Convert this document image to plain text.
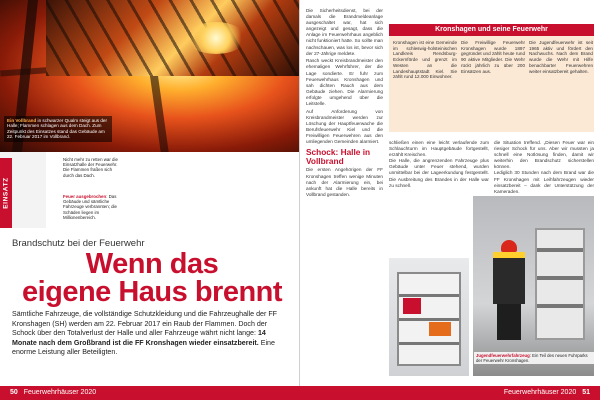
Ein Vollbrand in schwarzer Qualm steigt aus der Halle; Flammen schlagen aus dem Dach. Zum Zeitpunkt des Einsatzes stand das Gebäude am 22. Februar 2017 im Vollbrand.
EINSATZ
Nicht mehr zu retten war die Einsatzhalle der Feuerwehr. Die Flammen fraßen sich durch das Dach.
Feuer ausgebrochen: Das Gebäude und sämtliche Fahrzeuge verbrannten; die Schäden liegen im Millionenbereich.
Brandschutz bei der Feuerwehr
Wenn das
eigene Haus brennt
Sämtliche Fahrzeuge, die vollständige Schutzkleidung und die Fahrzeughalle der FF Kronshagen (SH) werden am 22. Februar 2017 ein Raub der Flammen. Doch der Schock über den Totalverlust der Halle und aller Fahrzeuge währt nicht lange: 14 Monate nach dem Großbrand ist die FF Kronshagen wieder einsatzbereit. Eine enorme Leistung aller Beteiligten.
50 Feuerwehrhäuser 2020

Die Sicherheitsdienst, bei der damals die Brandmeldeanlage ausgeschaltet war, hat sich angezeigt und gesagt, dass die Anlage im Feuerwehrhaus angeblich nicht funktioniert hatte. So sollte man nachschauen, was los ist, bevor sich der 27-Jährige meldete.

Rasch weckt Kreisbrandmeister den ehemaligen Wehrführer, der die Lage sondierte. Er fuhr zum Feuerwehrhaus Kronshagen und sah dichten Rauch aus dem Gebäude ziehen. Die Alarmierung erfolgte umgehend über die Leitstelle.

Auf Anforderung von Kreisbrandmeister werden zur Löschung der Hauptfeuerwache die Berufsfeuerwehr Kiel und die Freiwilligen Feuerwehren aus den umliegenden Gemeinden alarmiert.

Schock: Halle in Vollbrand

Die ersten Angehörigen der FF Kronshagen treffen wenige Minuten nach der Alarmierung ein, bei ankunft hat die Halle bereits in Vollbrand gestanden.

Kronshagen und seine Feuerwehr
Kronshagen ist eine Gemeinde im schleswig-holsteinischen Landkreis Rendsburg-Eckernförde und grenzt im Westen an die Landeshauptstadt Kiel. Sie zählt rund 12.000 Einwohner.
Die Freiwillige Feuerwehr Kronshagen wurde 1897 gegründet und zählt heute rund 90 aktive Mitglieder. Die Wehr rückt jährlich zu über 200 Einsätzen aus.
Die Jugendfeuerwehr ist seit 1965 aktiv und fördert den Nachwuchs. Nach dem Brand wurde die Wehr mit Hilfe benachbarter Feuerwehren weiter einsatzbereit gehalten.

schließen einen eine leicht verlaufende zum Schlauchturm im Hauptgebäude fortgestellt, erzählt Kreischen.

Die Halle, die angrenzenden Fahrzeuge plus Gebäude unter Feuer stehend, wurden unmittelbar bei der Lageerkundung festgestellt. Die Ausbreitung des Brandes in der Halle war zu schnell.

die Situation treffend. „Diesen Feuer war ein riesiger Schock für uns. Aber wir mussten ja schnell eine Notlösung finden, damit wir weiterhin den Brandschutz sicherstellen können.

Lediglich 30 Stunden nach dem Brand war die FF Kronshagen mit Leihfahrzeugen wieder einsatzbereit – dank der Unterstützung der Kameraden.

Jugendfeuerwehrfahrzeug: Ein Teil des neuen Fuhrparks der Feuerwehr Kronshagen.
Feuerwehrhäuser 2020 51
